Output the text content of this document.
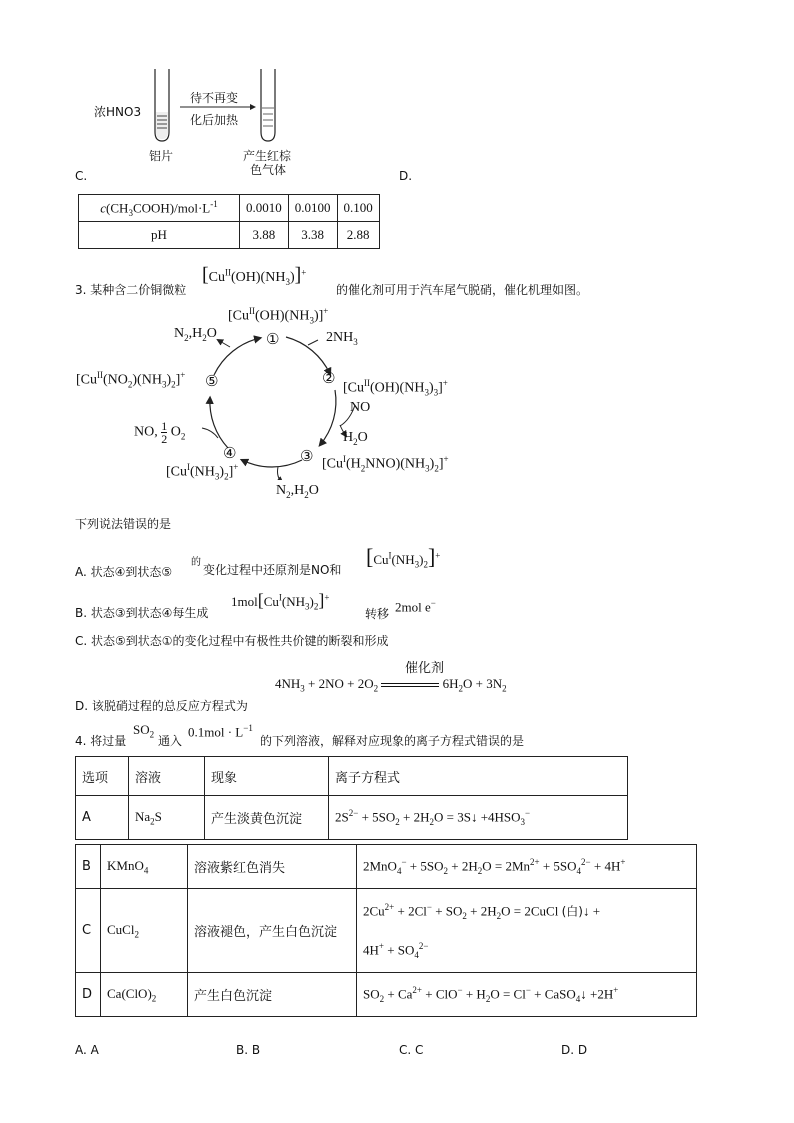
浓HNO3
待不再变
化后加热
铝片	产生红棕
色气体
C.	D.
$c(CH_3COOH)/mol\cdot L^{-1}$	0.0010	0.0100	0.100
pH	3.88	3.38	2.88
3. 某种含二价铜微粒
$[Cu^{II}(OH)(NH_3)]^+$
的催化剂可用于汽车尾气脱硝，催化机理如图。
①
②
③
④
⑤
$[Cu^{II}(OH)(NH_3)]^+$
$2NH_3$
$N_2,H_2O$
$[Cu^{II}(OH)(NH_3)_3]^+$
NO
$H_2O$
$[Cu^I(H_2NNO)(NH_3)_2]^+$
$N_2,H_2O$
$[Cu^I(NH_3)_2]^+$
$[Cu^{II}(NO_2)(NH_3)_2]^+$
NO, $\frac{1}{2} O_2$
下列说法错误的是
A. 状态④到状态⑤
的
变化过程中还原剂是NO和
$[Cu^I(NH_3)_2]^+$
B. 状态③到状态④每生成
$1mol[Cu^I(NH_3)_2]^+$
转移 2mol e−
C. 状态⑤到状态①的变化过程中有极性共价键的断裂和形成
催化剂
$4NH_3 + 2NO + 2O_2$	$6H_2O + 3N_2$
D. 该脱硝过程的总反应方程式为
4. 将过量
$SO_2$ 通入
$0.1mol \cdot L^{-1}$
的下列溶液，解释对应现象的离子方程式错误的是
选项	溶液	现象	离子方程式
A	$Na_2S$	产生淡黄色沉淀	$2S^{2-} + 5SO_2 + 2H_2O$ = 3S↓ $+4HSO_3^-$
B	KMnO$_4$	溶液紫红色消失	$2MnO_4^- + 5SO_2 + 2H_2O = 2Mn^{2+} + 5SO_4^{2-} + 4H^+$
C	CuCl$_2$	溶液褪色，产生白色沉淀	$2Cu^{2+} + 2Cl^- + SO_2 + 2H_2O$ = 2CuCl (白)↓ +
$4H^+ + SO_4^{2-}$
D	$Ca(ClO)_2$	产生白色沉淀	$SO_2 + Ca^{2+} + ClO^- + H_2O = Cl^-$ + CaSO$_4$↓ +2H+
A. A	B. B	C. C	D. D
